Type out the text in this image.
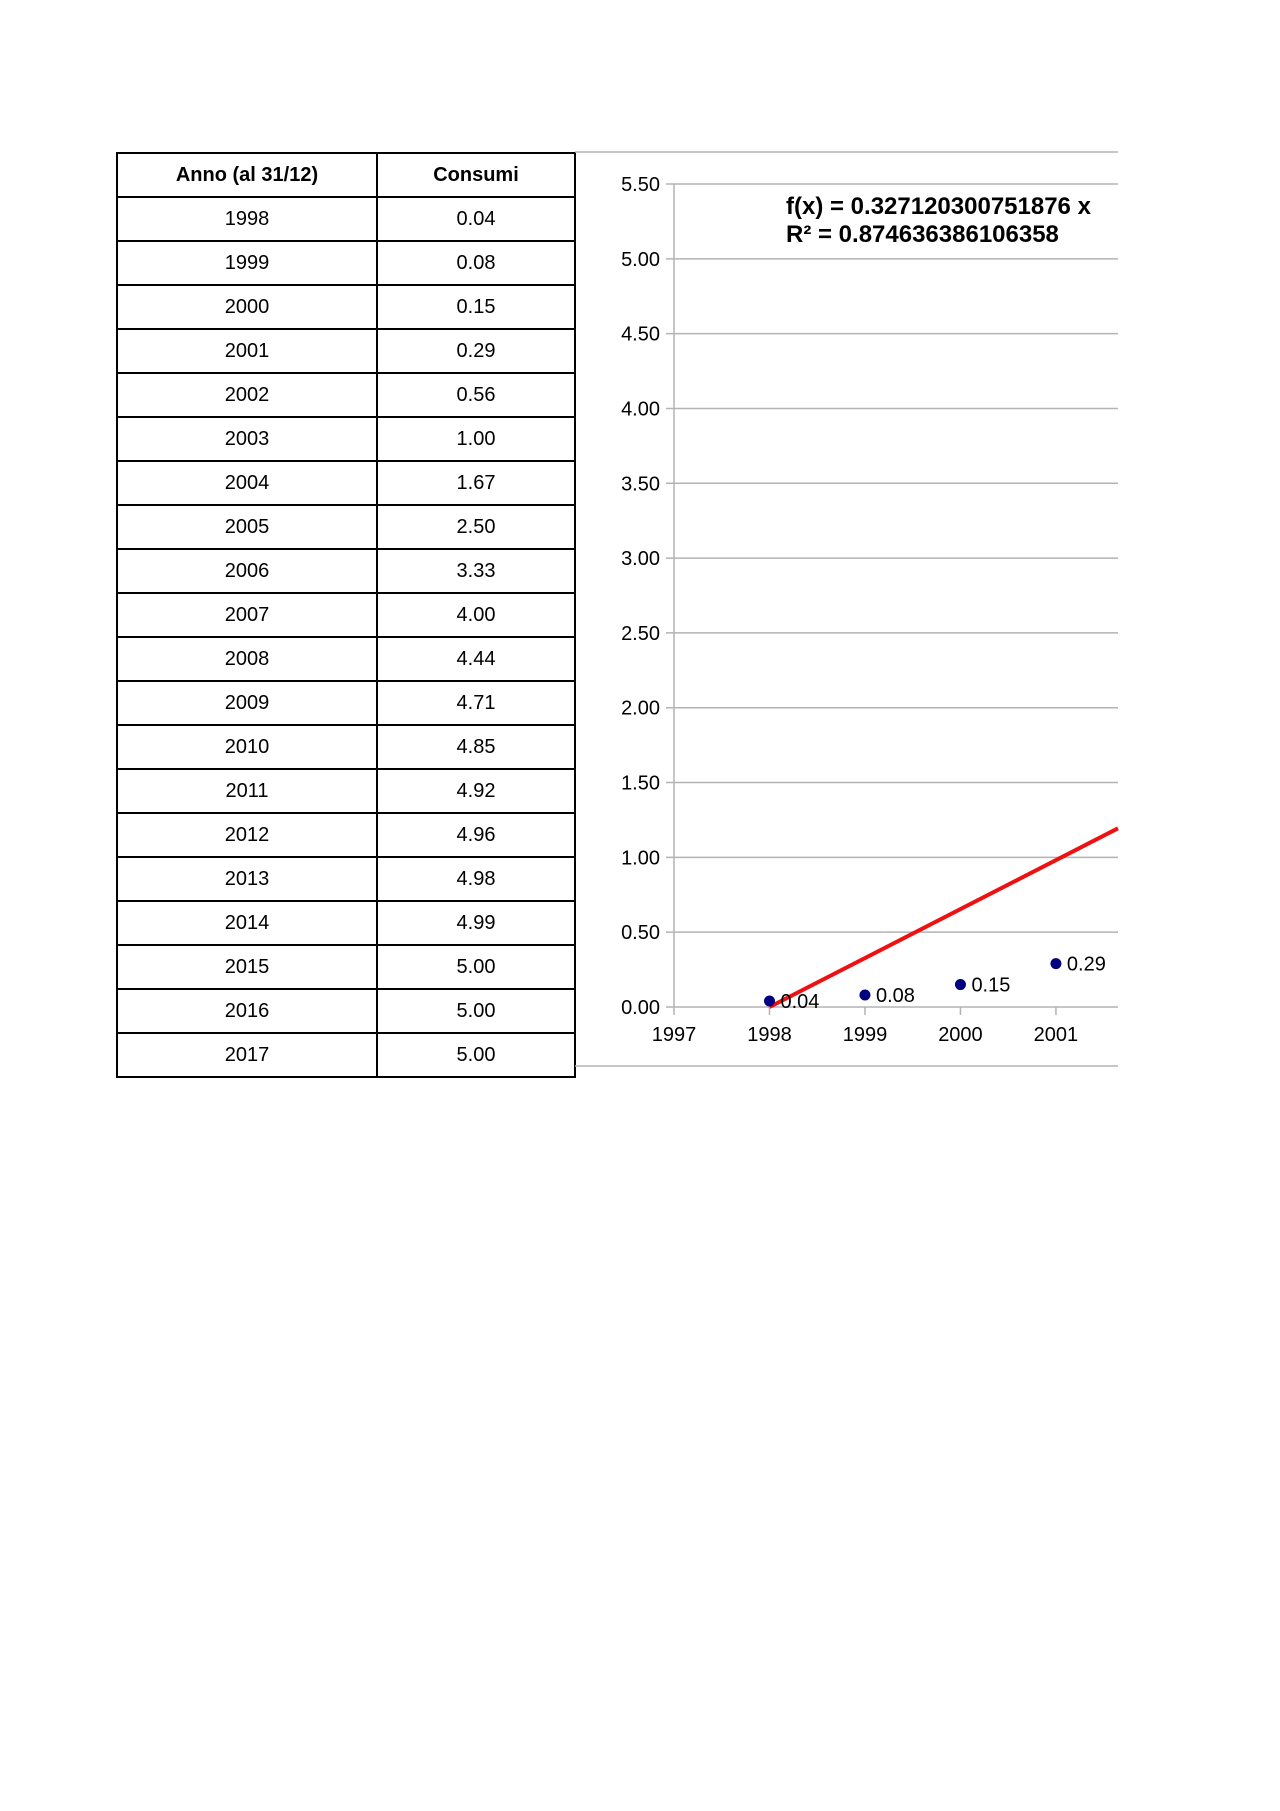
Anno (al 31/12)	Consumi
1998	0.04
1999	0.08
2000	0.15
2001	0.29
2002	0.56
2003	1.00
2004	1.67
2005	2.50
2006	3.33
2007	4.00
2008	4.44
2009	4.71
2010	4.85
2011	4.92
2012	4.96
2013	4.98
2014	4.99
2015	5.00
2016	5.00
2017	5.00
0.00
0.50
1.00
1.50
2.00
2.50
3.00
3.50
4.00
4.50
5.00
5.50
1997	1998	1999	2000	2001
0.04	0.08	0.15
0.29
f(x) = 0.327120300751876 x
R² = 0.874636386106358
